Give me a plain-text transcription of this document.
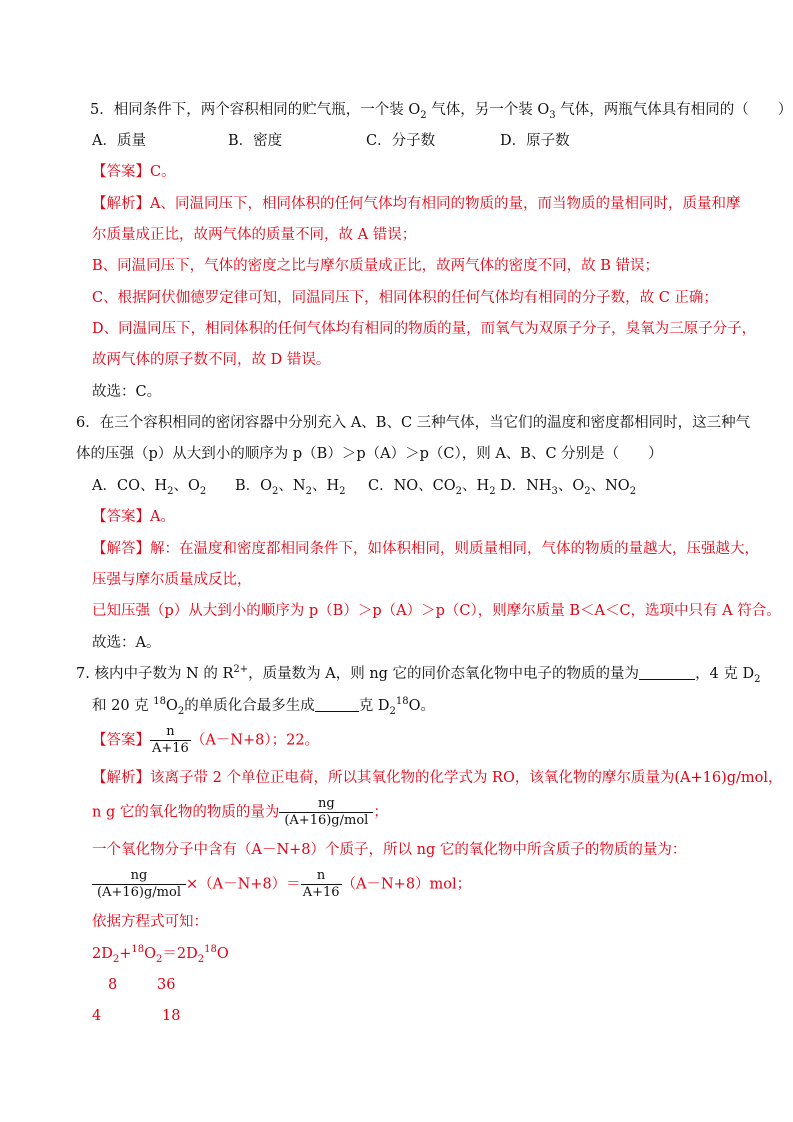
5．相同条件下，两个容积相同的贮气瓶，一个装 $O_2$ 气体，另一个装 $O_3$ 气体，两瓶气体具有相同的（　　）
A．质量	B．密度	C．分子数	D．原子数
【答案】C。
【解析】A、同温同压下，相同体积的任何气体均有相同的物质的量，而当物质的量相同时，质量和摩
尔质量成正比，故两气体的质量不同，故 A 错误；
B、同温同压下，气体的密度之比与摩尔质量成正比，故两气体的密度不同，故 B 错误；
C、根据阿伏伽德罗定律可知，同温同压下，相同体积的任何气体均有相同的分子数，故 C 正确；
D、同温同压下，相同体积的任何气体均有相同的物质的量，而氧气为双原子分子，臭氧为三原子分子，
故两气体的原子数不同，故 D 错误。
故选：C。
6．在三个容积相同的密闭容器中分别充入 A、B、C 三种气体，当它们的温度和密度都相同时，这三种气
体的压强（p）从大到小的顺序为 p（B）＞p（A）＞p（C），则 A、B、C 分别是（　　）
A．CO、$H_2$、$O_2$ B．$O_2$、$N_2$、$H_2$ C．NO、$CO_2$、$H_2$ D．$NH_3$、$O_2$、$NO_2$
【答案】A。
【解答】解：在温度和密度都相同条件下，如体积相同，则质量相同，气体的物质的量越大，压强越大，
压强与摩尔质量成反比，
已知压强（p）从大到小的顺序为 p（B）＞p（A）＞p（C），则摩尔质量 B＜A＜C，选项中只有 A 符合。
故选：A。
7. 核内中子数为 N 的 $R^{2+}$，质量数为 A，则 ng 它的同价态氧化物中电子的物质的量为	，4 克 $D_2$
和 20 克 $^{18}O_2$的单质化合最多生成	克 $D_2^{18}O$。
【答案】 $\frac{n}{A+16} (A-N+8)$；22。
【解析】该离子带 2 个单位正电荷，所以其氧化物的化学式为 RO，该氧化物的摩尔质量为(A+16)g/mol，
n g 它的氧化物的物质的量为 $\frac{ng}{\text{(A+16)g/mol}}$ ；
一个氧化物分子中含有（A－N+8）个质子，所以 ng 它的氧化物中所含质子的物质的量为：
$\frac{ng}{\text{(A+16)g/mol}} \times(A-N+8)= \frac{n}{A+16} (A-N+8)mol$；
依据方程式可知：
$2D_2+^{18}O_2=2D_2^{18}O$
8	36
4	18
